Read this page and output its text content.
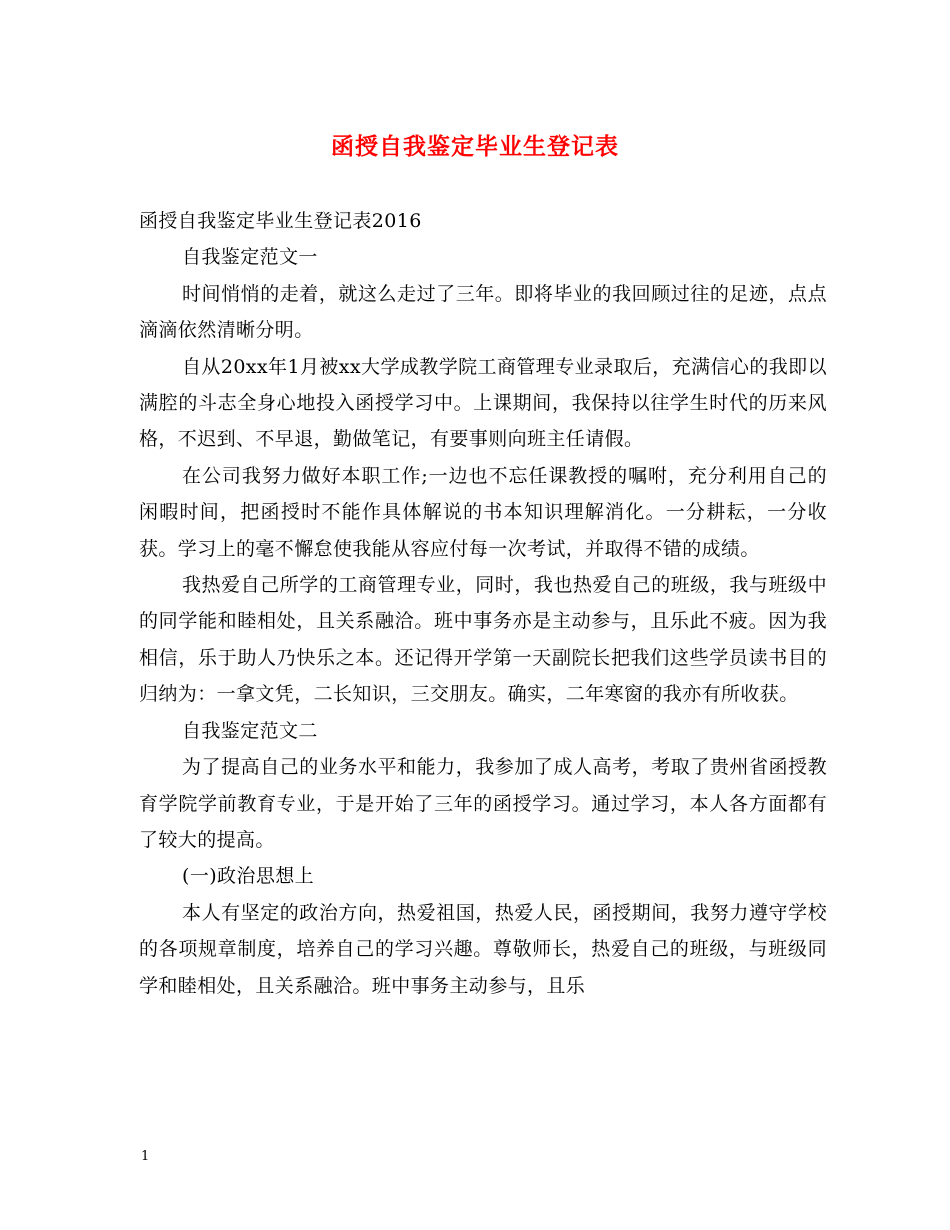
函授自我鉴定毕业生登记表

函授自我鉴定毕业生登记表2016

自我鉴定范文一

时间悄悄的走着，就这么走过了三年。即将毕业的我回顾过往的足迹，点点滴滴依然清晰分明。

自从20xx年1月被xx大学成教学院工商管理专业录取后，充满信心的我即以满腔的斗志全身心地投入函授学习中。上课期间，我保持以往学生时代的历来风格，不迟到、不早退，勤做笔记，有要事则向班主任请假。

在公司我努力做好本职工作;一边也不忘任课教授的嘱咐，充分利用自己的闲暇时间，把函授时不能作具体解说的书本知识理解消化。一分耕耘，一分收获。学习上的毫不懈怠使我能从容应付每一次考试，并取得不错的成绩。

我热爱自己所学的工商管理专业，同时，我也热爱自己的班级，我与班级中的同学能和睦相处，且关系融洽。班中事务亦是主动参与，且乐此不疲。因为我相信，乐于助人乃快乐之本。还记得开学第一天副院长把我们这些学员读书目的归纳为：一拿文凭，二长知识，三交朋友。确实，二年寒窗的我亦有所收获。

自我鉴定范文二

为了提高自己的业务水平和能力，我参加了成人高考，考取了贵州省函授教育学院学前教育专业，于是开始了三年的函授学习。通过学习，本人各方面都有了较大的提高。

(一)政治思想上

本人有坚定的政治方向，热爱祖国，热爱人民，函授期间，我努力遵守学校的各项规章制度，培养自己的学习兴趣。尊敬师长，热爱自己的班级，与班级同学和睦相处，且关系融洽。班中事务主动参与，且乐

1
